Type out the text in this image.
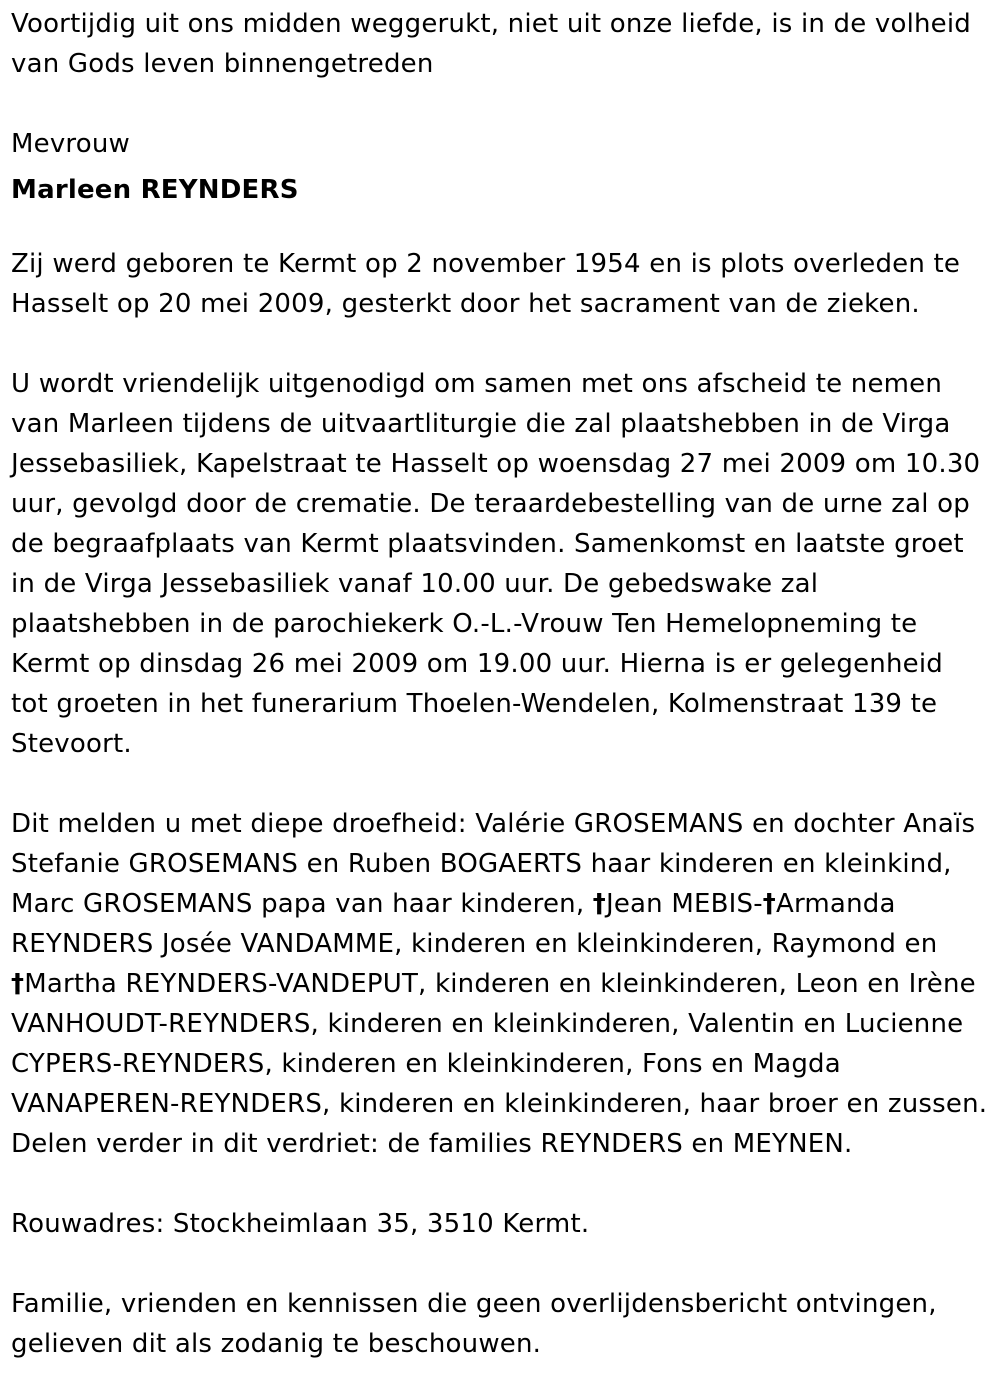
Voortijdig uit ons midden weggerukt, niet uit onze liefde, is in de volheid
van Gods leven binnengetreden

Mevrouw

Marleen REYNDERS

Zij werd geboren te Kermt op 2 november 1954 en is plots overleden te
Hasselt op 20 mei 2009, gesterkt door het sacrament van de zieken.

U wordt vriendelijk uitgenodigd om samen met ons afscheid te nemen
van Marleen tijdens de uitvaartliturgie die zal plaatshebben in de Virga
Jessebasiliek, Kapelstraat te Hasselt op woensdag 27 mei 2009 om 10.30
uur, gevolgd door de crematie. De teraardebestelling van de urne zal op
de begraafplaats van Kermt plaatsvinden. Samenkomst en laatste groet
in de Virga Jessebasiliek vanaf 10.00 uur. De gebedswake zal
plaatshebben in de parochiekerk O.-L.-Vrouw Ten Hemelopneming te
Kermt op dinsdag 26 mei 2009 om 19.00 uur. Hierna is er gelegenheid
tot groeten in het funerarium Thoelen-Wendelen, Kolmenstraat 139 te
Stevoort.

Dit melden u met diepe droefheid: Valérie GROSEMANS en dochter Anaïs
Stefanie GROSEMANS en Ruben BOGAERTS haar kinderen en kleinkind,
Marc GROSEMANS papa van haar kinderen, †Jean MEBIS-†Armanda
REYNDERS Josée VANDAMME, kinderen en kleinkinderen, Raymond en
†Martha REYNDERS-VANDEPUT, kinderen en kleinkinderen, Leon en Irène
VANHOUDT-REYNDERS, kinderen en kleinkinderen, Valentin en Lucienne
CYPERS-REYNDERS, kinderen en kleinkinderen, Fons en Magda
VANAPEREN-REYNDERS, kinderen en kleinkinderen, haar broer en zussen.
Delen verder in dit verdriet: de families REYNDERS en MEYNEN.

Rouwadres: Stockheimlaan 35, 3510 Kermt.

Familie, vrienden en kennissen die geen overlijdensbericht ontvingen,
gelieven dit als zodanig te beschouwen.
